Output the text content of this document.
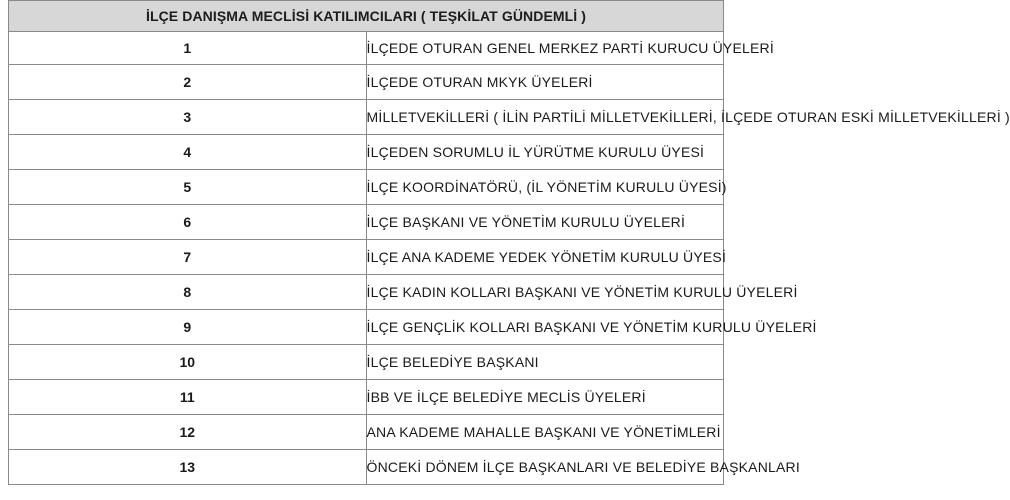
İLÇE DANIŞMA MECLİSİ KATILIMCILARI ( TEŞKİLAT GÜNDEMLİ )	
1	İLÇEDE OTURAN GENEL MERKEZ PARTİ KURUCU ÜYELERİ
2	İLÇEDE OTURAN MKYK ÜYELERİ
3	MİLLETVEKİLLERİ ( İLİN PARTİLİ MİLLETVEKİLLERİ, İLÇEDE OTURAN ESKİ MİLLETVEKİLLERİ )
4	İLÇEDEN SORUMLU İL YÜRÜTME KURULU ÜYESİ
5	İLÇE KOORDİNATÖRÜ, (İL YÖNETİM KURULU ÜYESİ)
6	İLÇE BAŞKANI VE YÖNETİM KURULU ÜYELERİ
7	İLÇE ANA KADEME YEDEK YÖNETİM KURULU ÜYESİ
8	İLÇE KADIN KOLLARI BAŞKANI VE YÖNETİM KURULU ÜYELERİ
9	İLÇE GENÇLİK KOLLARI BAŞKANI VE YÖNETİM KURULU ÜYELERİ
10	İLÇE BELEDİYE BAŞKANI
11	İBB VE İLÇE BELEDİYE MECLİS ÜYELERİ
12	ANA KADEME MAHALLE BAŞKANI VE YÖNETİMLERİ
13	ÖNCEKİ DÖNEM İLÇE BAŞKANLARI VE BELEDİYE BAŞKANLARI
